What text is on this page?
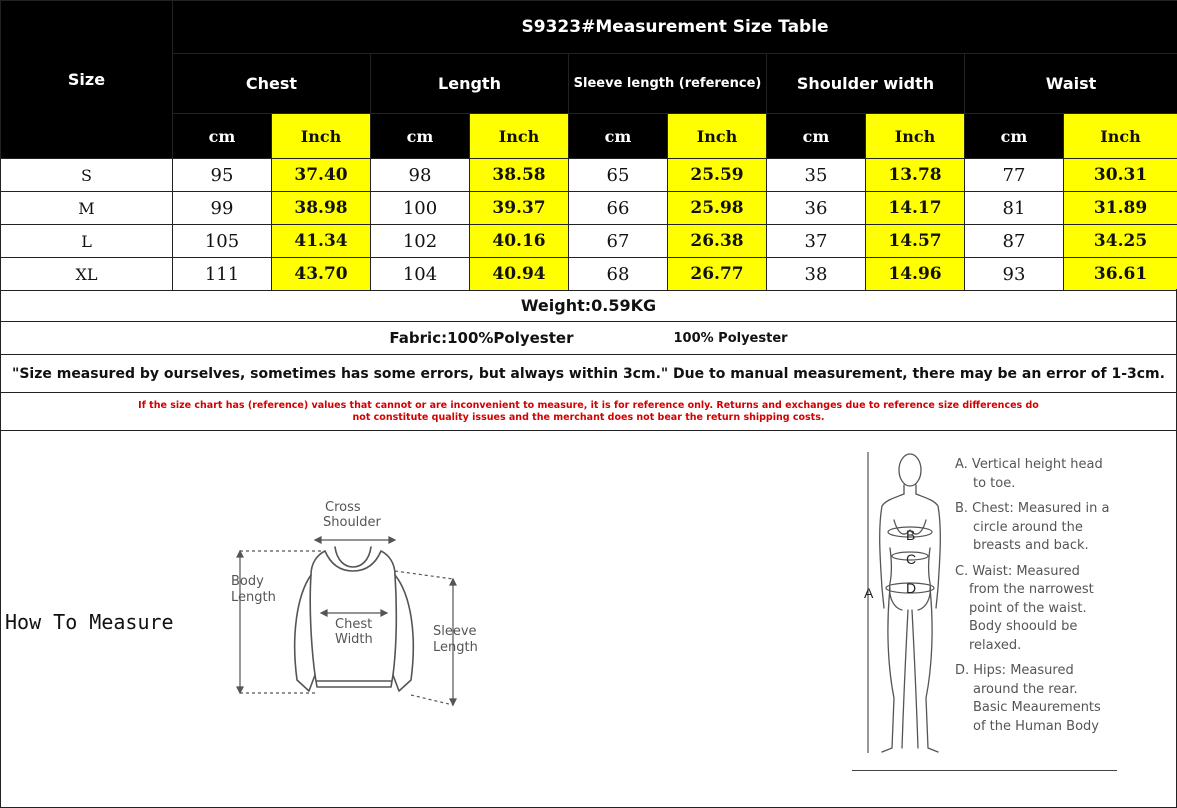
Size	S9323#Measurement Size Table									
	Chest		Length		Sleeve length (reference)		Shoulder width		Waist	
	cm	Inch	cm	Inch	cm	Inch	cm	Inch	cm	Inch
S	95	37.40	98	38.58	65	25.59	35	13.78	77	30.31
M	99	38.98	100	39.37	66	25.98	36	14.17	81	31.89
L	105	41.34	102	40.16	67	26.38	37	14.57	87	34.25
XL	111	43.70	104	40.94	68	26.77	38	14.96	93	36.61
Weight:0.59KG
Fabric:100%Polyester	100% Polyester
"Size measured by ourselves, sometimes has some errors, but always within 3cm." Due to manual measurement, there may be an error of 1-3cm.
If the size chart has (reference) values that cannot or are inconvenient to measure, it is for reference only. Returns and exchanges due to reference size differences do not constitute quality issues and the merchant does not bear the return shipping costs.
How To Measure
Cross
Shoulder
Body
Length
Chest
Width
Sleeve
Length
B
C
D
A

A. Vertical height head

to toe.

B. Chest: Measured in a

circle around the
breasts and back.

C. Waist: Measured

from the narrowest
point of the waist.
Body shoould be
relaxed.

D. Hips: Measured

around the rear.
Basic Meaurements
of the Human Body
